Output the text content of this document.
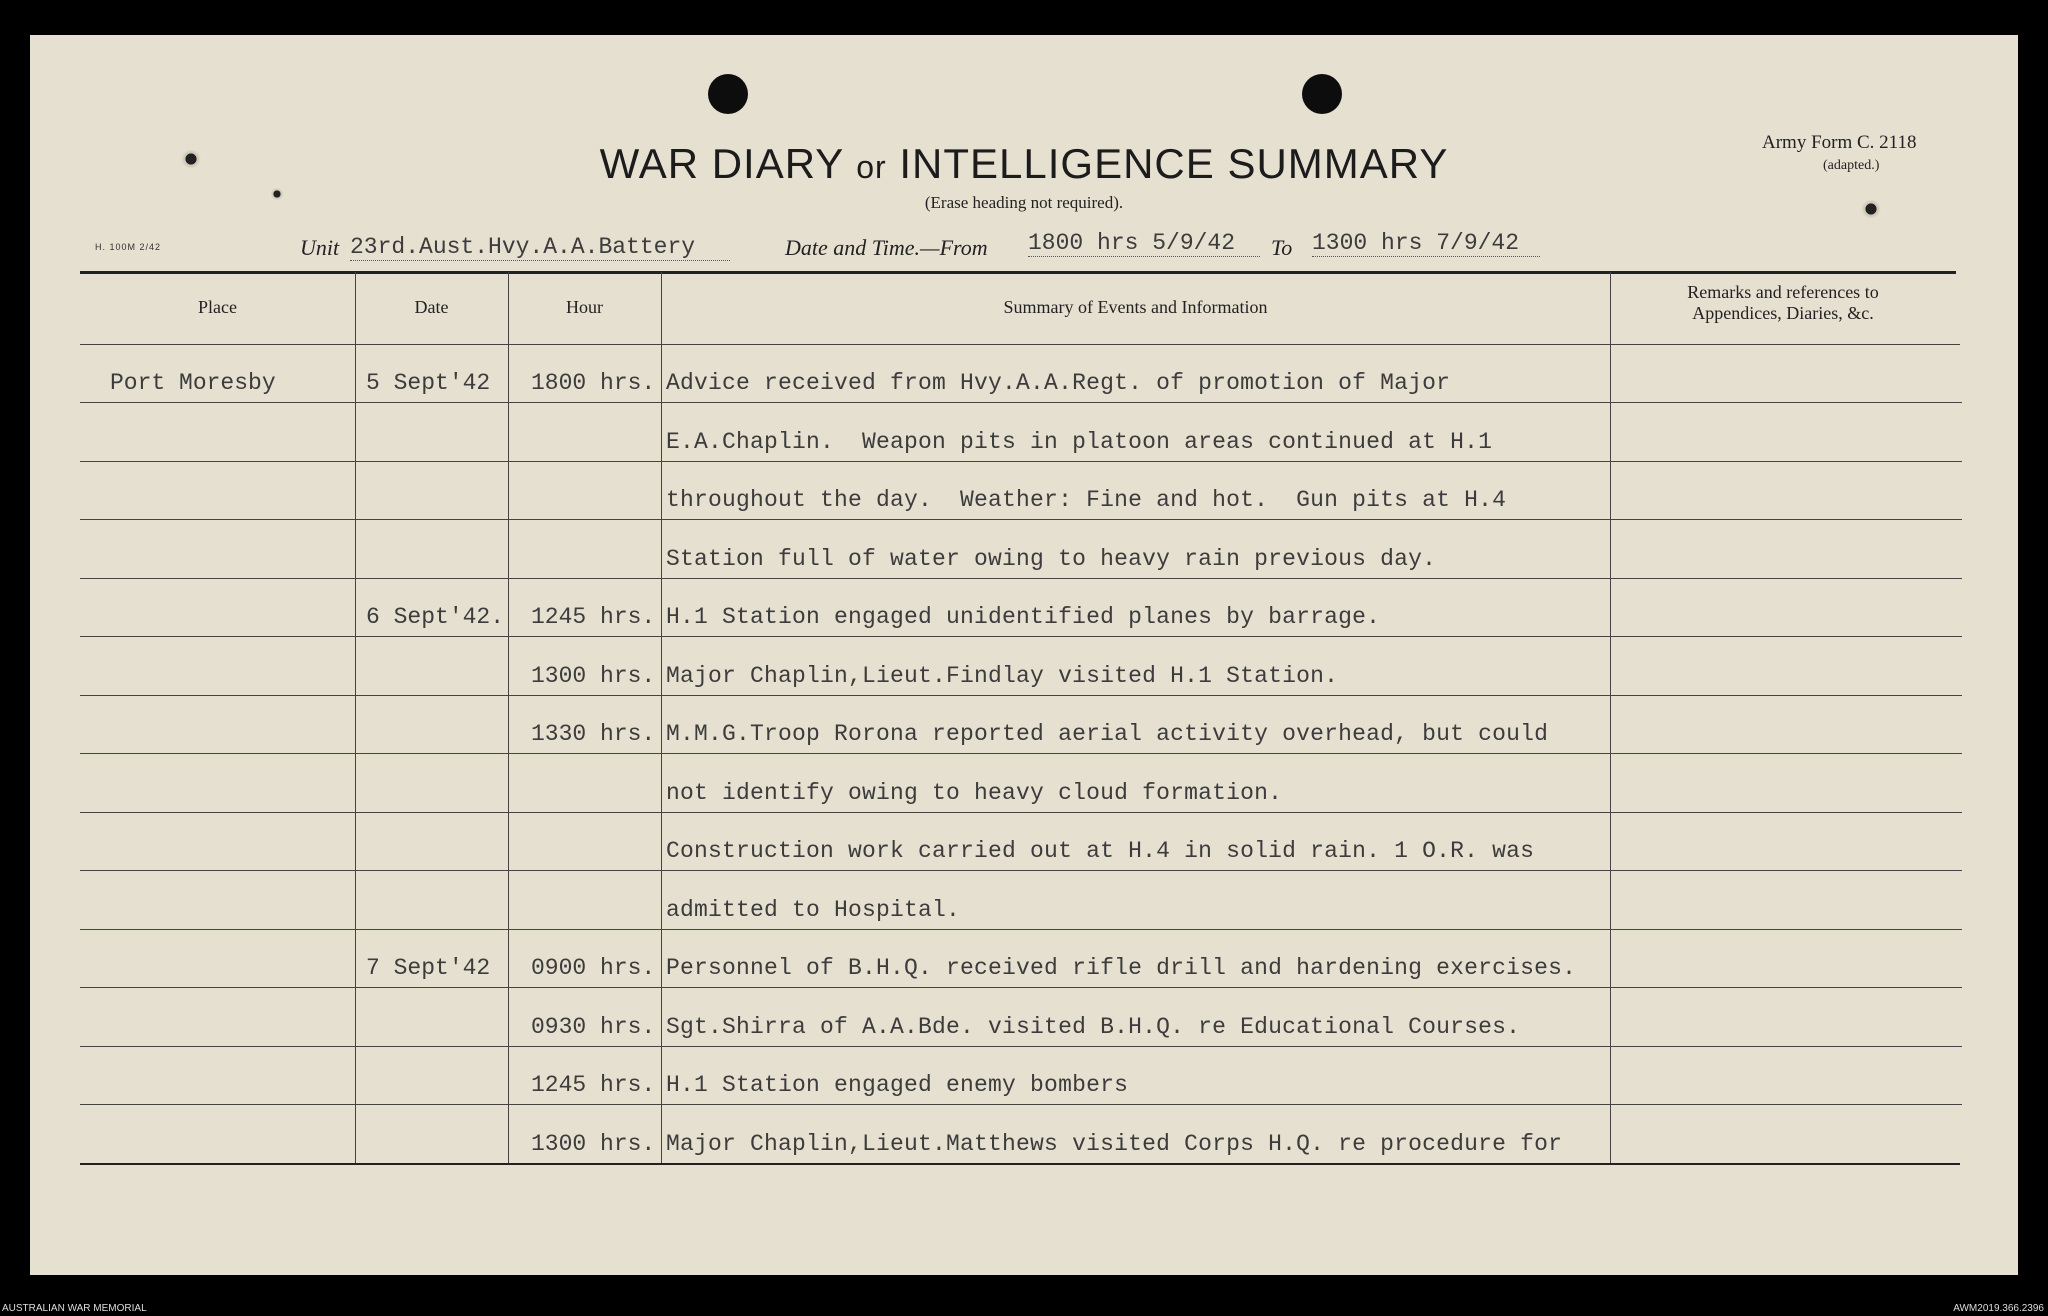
WAR DIARY or INTELLIGENCE SUMMARY
(Erase heading not required).
Army Form C. 2118
(adapted.)
H. 100M 2/42	Unit 23rd.Aust.Hvy.A.A.Battery	Date and Time.—From 1800 hrs 5/9/42	To 1300 hrs 7/9/42
Place	Date	Hour	Summary of Events and Information
Remarks and references to
Appendices, Diaries, &c.
Port Moresby	5 Sept'42 1800 hrs. Advice received from Hvy.A.A.Regt. of promotion of Major
E.A.Chaplin.  Weapon pits in platoon areas continued at H.1
throughout the day.  Weather: Fine and hot.  Gun pits at H.4
Station full of water owing to heavy rain previous day.
6 Sept'42. 1245 hrs. H.1 Station engaged unidentified planes by barrage.
1300 hrs. Major Chaplin,Lieut.Findlay visited H.1 Station.
1330 hrs. M.M.G.Troop Rorona reported aerial activity overhead, but could
not identify owing to heavy cloud formation.
Construction work carried out at H.4 in solid rain. 1 O.R. was
admitted to Hospital.
7 Sept'42 0900 hrs. Personnel of B.H.Q. received rifle drill and hardening exercises.
0930 hrs. Sgt.Shirra of A.A.Bde. visited B.H.Q. re Educational Courses.
1245 hrs. H.1 Station engaged enemy bombers
1300 hrs. Major Chaplin,Lieut.Matthews visited Corps H.Q. re procedure for
AUSTRALIAN WAR MEMORIAL	AWM2019.366.2396
